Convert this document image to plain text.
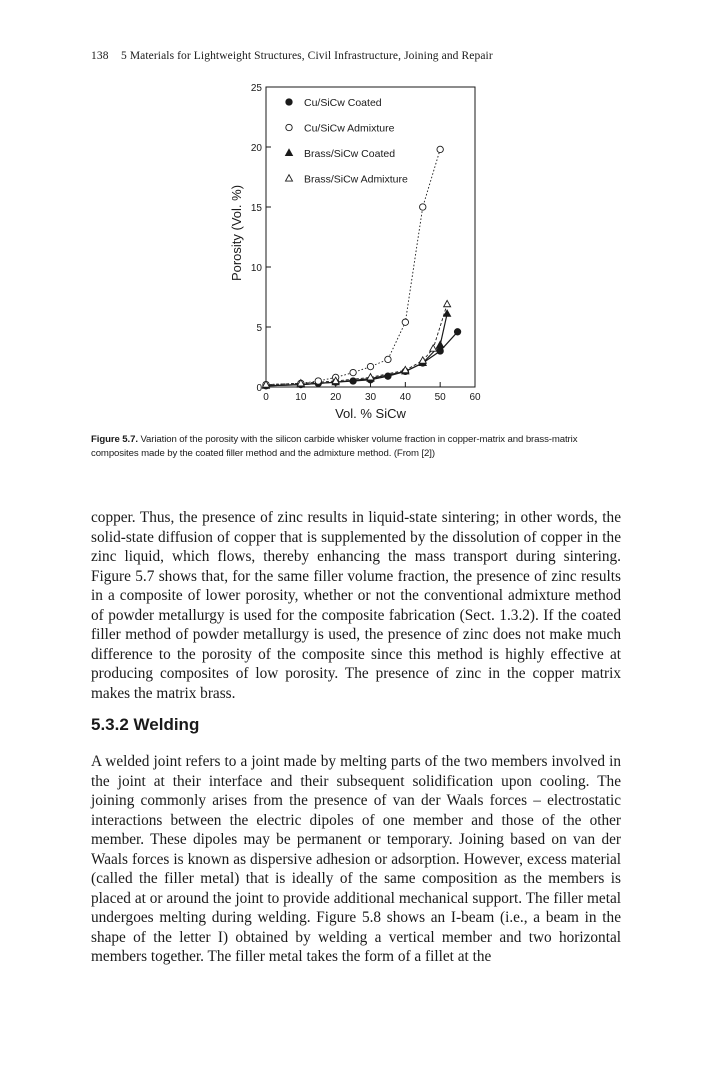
138 5 Materials for Lightweight Structures, Civil Infrastructure, Joining and Repair
0	10 20 30 40 50 60
0
5
10
15
20
25
Vol. % SiCw
Porosity (Vol. %)
Cu/SiCw Coated
Cu/SiCw Admixture
Brass/SiCw Coated
Brass/SiCw Admixture
Figure 5.7. Variation of the porosity with the silicon carbide whisker volume fraction in copper-matrix and brass-matrix composites made by the coated filler method and the admixture method. (From [2])

copper. Thus, the presence of zinc results in liquid-state sintering; in other words, the solid-state diffusion of copper that is supplemented by the dissolution of copper in the zinc liquid, which flows, thereby enhancing the mass transport during sintering. Figure 5.7 shows that, for the same filler volume fraction, the presence of zinc results in a composite of lower porosity, whether or not the conventional admixture method of powder metallurgy is used for the composite fabrication (Sect. 1.3.2). If the coated filler method of powder metallurgy is used, the presence of zinc does not make much difference to the porosity of the composite since this method is highly effective at producing composites of low porosity. The presence of zinc in the copper matrix makes the matrix brass.

5.3.2 Welding

A welded joint refers to a joint made by melting parts of the two members involved in the joint at their interface and their subsequent solidification upon cooling. The joining commonly arises from the presence of van der Waals forces – electrostatic interactions between the electric dipoles of one member and those of the other member. These dipoles may be permanent or temporary. Joining based on van der Waals forces is known as dispersive adhesion or adsorption. However, excess material (called the filler metal) that is ideally of the same composition as the members is placed at or around the joint to provide additional mechanical support. The filler metal undergoes melting during welding. Figure 5.8 shows an I-beam (i.e., a beam in the shape of the letter I) obtained by welding a vertical member and two horizontal members together. The filler metal takes the form of a fillet at the
